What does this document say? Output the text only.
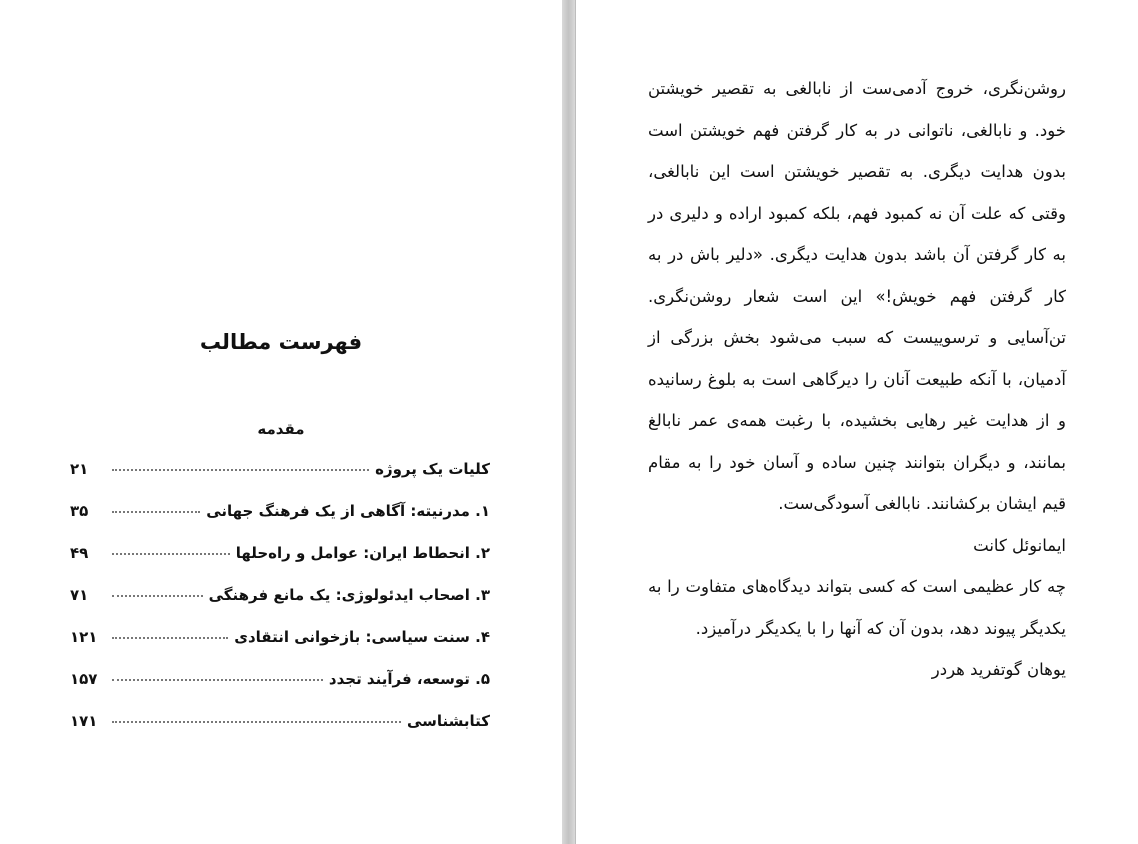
فهرست مطالب
مقدمه
کلیات یک پروژه
۲۱
۱. مدرنیته: آگاهی از یک فرهنگ جهانی
۳۵
۲. انحطاط ایران: عوامل و راه‌حلها
۴۹
۳. اصحاب ایدئولوژی: یک مانع فرهنگی
۷۱
۴. سنت سیاسی: بازخوانی انتقادی
۱۲۱
۵. توسعه، فرآیند تجدد
۱۵۷
کتابشناسی
۱۷۱

روشن‌نگری، خروج آدمی‌ست از نابالغی به تقصیر خویشتن خود. و نابالغی، ناتوانی در به کار گرفتن فهم خویشتن است بدون هدایت دیگری. به تقصیر خویشتن است این نابالغی، وقتی که علت آن نه کمبود فهم، بلکه کمبود اراده و دلیری در به کار گرفتن آن باشد بدون هدایت دیگری. «دلیر باش در به کار گرفتن فهم خویش!» این است شعار روشن‌نگری. تن‌آسایی و ترسوییست که سبب می‌شود بخش بزرگی از آدمیان، با آنکه طبیعت آنان را دیرگاهی است به بلوغ رسانیده و از هدایت غیر رهایی بخشیده، با رغبت همه‌ی عمر نابالغ بمانند، و دیگران بتوانند چنین ساده و آسان خود را به مقام قیم ایشان برکشانند. نابالغی آسودگی‌ست.

ایمانوئل کانت

چه کار عظیمی است که کسی بتواند دیدگاه‌های متفاوت را به یکدیگر پیوند دهد، بدون آن که آنها را با یکدیگر درآمیزد.

یوهان گوتفرید هردر
